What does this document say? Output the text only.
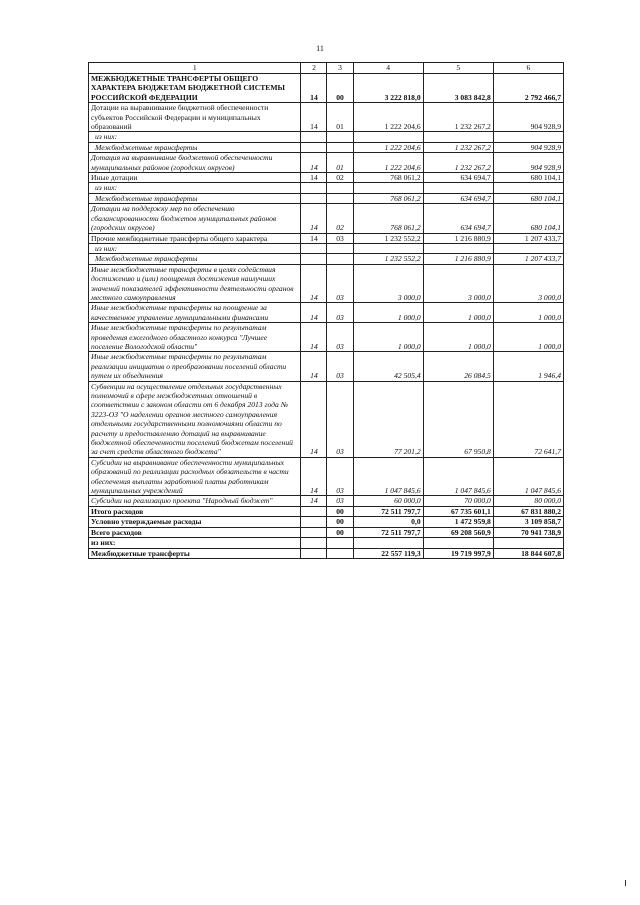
11
1	2	3	4	5	6
МЕЖБЮДЖЕТНЫЕ ТРАНСФЕРТЫ ОБЩЕГО ХАРАКТЕРА БЮДЖЕТАМ БЮДЖЕТНОЙ СИСТЕМЫ РОССИЙСКОЙ ФЕДЕРАЦИИ	14	00	3 222 818,0	3 083 842,8	2 792 466,7
Дотации на выравнивание бюджетной обеспеченности субъектов Российской Федерации и муниципальных образований	14	01	1 222 204,6	1 232 267,2	904 928,9
из них:					
Межбюджетные трансферты			1 222 204,6	1 232 267,2	904 928,9
Дотация на выравнивание бюджетной обеспеченности муниципальных районов (городских округов)	14	01	1 222 204,6	1 232 267,2	904 928,9
Иные дотации	14	02	768 061,2	634 694,7	680 104,1
из них:					
Межбюджетные трансферты			768 061,2	634 694,7	680 104,1
Дотации на поддержку мер по обеспечению сбалансированности бюджетов муниципальных районов (городских округов)	14	02	768 061,2	634 694,7	680 104,1
Прочие межбюджетные трансферты общего характера	14	03	1 232 552,2	1 216 880,9	1 207 433,7
из них:					
Межбюджетные трансферты			1 232 552,2	1 216 880,9	1 207 433,7
Иные межбюджетные трансферты в целях содействия достижению и (или) поощрения достижения наилучших значений показателей эффективности деятельности органов местного самоуправления	14	03	3 000,0	3 000,0	3 000,0
Иные межбюджетные трансферты на поощрение за качественное управление муниципальными финансами	14	03	1 000,0	1 000,0	1 000,0
Иные межбюджетные трансферты по результатам проведения ежегодного областного конкурса "Лучшее поселение Вологодской области"	14	03	1 000,0	1 000,0	1 000,0
Иные межбюджетные трансферты по результатам реализации инициатив о преобразовании поселений области путем их объединения	14	03	42 505,4	26 084,5	1 946,4
Субвенции на осуществление отдельных государственных полномочий в сфере межбюджетных отношений в соответствии с законом области от 6 декабря 2013 года № 3223-ОЗ "О наделении органов местного самоуправления отдельными государственными полномочиями области по расчету и предоставлению дотаций на выравнивание бюджетной обеспеченности поселений бюджетам поселений за счет средств областного бюджета"	14	03	77 201,2	67 950,8	72 641,7
Субсидии на выравнивание обеспеченности муниципальных образований по реализации расходных обязательств в части обеспечения выплаты заработной платы работникам муниципальных учреждений	14	03	1 047 845,6	1 047 845,6	1 047 845,6
Субсидии на реализацию проекта "Народный бюджет"	14	03	60 000,0	70 000,0	80 000,0
Итого расходов		00	72 511 797,7	67 735 601,1	67 831 880,2
Условно утверждаемые расходы		00	0,0	1 472 959,8	3 109 858,7
Всего расходов		00	72 511 797,7	69 208 560,9	70 941 738,9
из них:					
Межбюджетные трансферты			22 557 119,3	19 719 997,9	18 844 607,8
